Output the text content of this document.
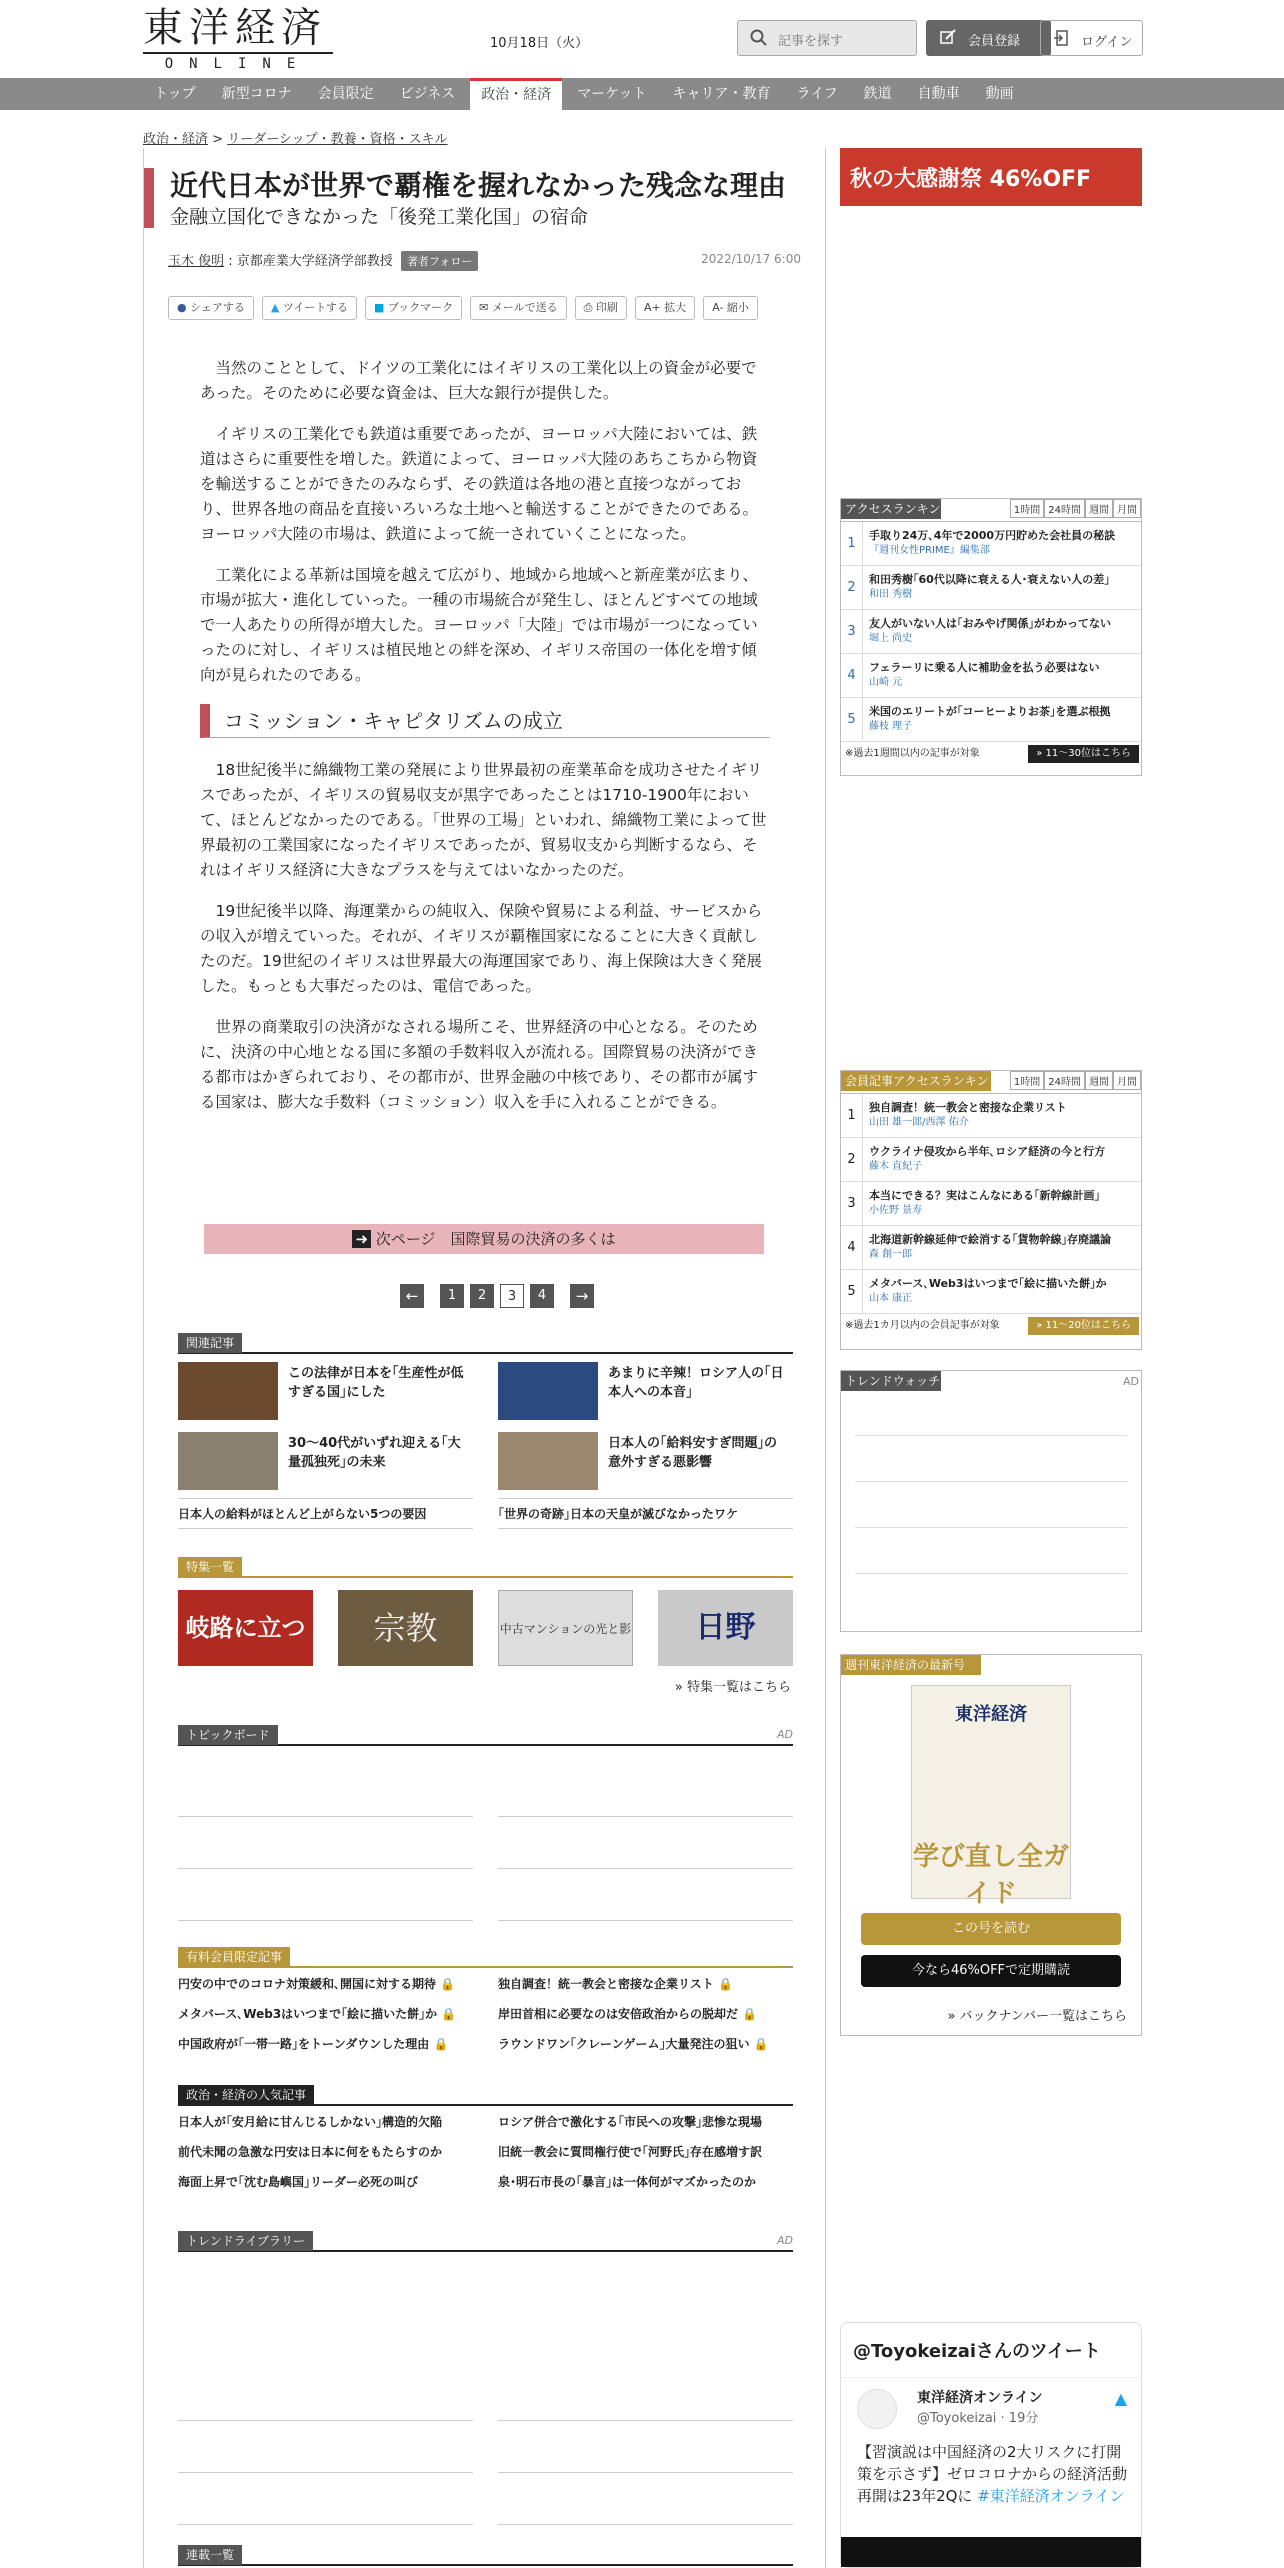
東洋経済
ONLINE
10月18日（火）	記事を探す	会員登録	ログイン
トップ	新型コロナ	会員限定	ビジネス	政治・経済	マーケット	キャリア・教育	ライフ	鉄道	自動車	動画
政治・経済 > リーダーシップ・教養・資格・スキル
近代日本が世界で覇権を握れなかった残念な理由
金融立国化できなかった「後発工業化国」の宿命
玉木 俊明 : 京都産業大学経済学部教授 著者フォロー	2022/10/17 6:00
● シェアする	▲ ツイートする	■ ブックマーク	✉ メールで送る	⎙ 印刷	A+ 拡大	A- 縮小

当然のこととして、ドイツの工業化にはイギリスの工業化以上の資金が必要であった。そのために必要な資金は、巨大な銀行が提供した。

イギリスの工業化でも鉄道は重要であったが、ヨーロッパ大陸においては、鉄道はさらに重要性を増した。鉄道によって、ヨーロッパ大陸のあちこちから物資を輸送することができたのみならず、その鉄道は各地の港と直接つながっており、世界各地の商品を直接いろいろな土地へと輸送することができたのである。ヨーロッパ大陸の市場は、鉄道によって統一されていくことになった。

工業化による革新は国境を越えて広がり、地域から地域へと新産業が広まり、市場が拡大・進化していった。一種の市場統合が発生し、ほとんどすべての地域で一人あたりの所得が増大した。ヨーロッパ「大陸」では市場が一つになっていったのに対し、イギリスは植民地との絆を深め、イギリス帝国の一体化を増す傾向が見られたのである。

コミッション・キャピタリズムの成立

18世紀後半に綿織物工業の発展により世界最初の産業革命を成功させたイギリスであったが、イギリスの貿易収支が黒字であったことは1710-1900年において、ほとんどなかったのである。「世界の工場」といわれ、綿織物工業によって世界最初の工業国家になったイギリスであったが、貿易収支から判断するなら、それはイギリス経済に大きなプラスを与えてはいなかったのだ。

19世紀後半以降、海運業からの純収入、保険や貿易による利益、サービスからの収入が増えていった。それが、イギリスが覇権国家になることに大きく貢献したのだ。19世紀のイギリスは世界最大の海運国家であり、海上保険は大きく発展した。もっとも大事だったのは、電信であった。

世界の商業取引の決済がなされる場所こそ、世界経済の中心となる。そのために、決済の中心地となる国に多額の手数料収入が流れる。国際貿易の決済ができる都市はかぎられており、その都市が、世界金融の中核であり、その都市が属する国家は、膨大な手数料（コミッション）収入を手に入れることができる。

➜ 次ページ　国際貿易の決済の多くは
←	1	2	3	4	→
関連記事
この法律が日本を｢生産性が低すぎる国｣にした
あまりに辛辣！ロシア人の｢日本人への本音｣
30～40代がいずれ迎える｢大量孤独死｣の未来
日本人の｢給料安すぎ問題｣の意外すぎる悪影響
日本人の給料がほとんど上がらない5つの要因	｢世界の奇跡｣日本の天皇が滅びなかったワケ
特集一覧
岐路に立つ鉄道
宗教	中古マンションの光と影	日野
» 特集一覧はこちら
トピックボード	AD
有料会員限定記事
円安の中でのコロナ対策緩和､開国に対する期待 🔒	独自調査！統一教会と密接な企業リスト 🔒
メタバース､Web3はいつまで｢絵に描いた餅｣か 🔒	岸田首相に必要なのは安倍政治からの脱却だ 🔒
中国政府が｢一帯一路｣をトーンダウンした理由 🔒	ラウンドワン｢クレーンゲーム｣大量発注の狙い 🔒
政治・経済の人気記事
日本人が｢安月給に甘んじるしかない｣構造的欠陥	ロシア併合で激化する｢市民への攻撃｣悲惨な現場
前代未聞の急激な円安は日本に何をもたらすのか	旧統一教会に質問権行使で｢河野氏｣存在感増す訳
海面上昇で｢沈む島嶼国｣リーダー必死の叫び	泉･明石市長の｢暴言｣は一体何がマズかったのか
トレンドライブラリー	AD
連載一覧
秋の大感謝祭 46%OFF
アクセスランキング
1時間 24時間 週間 月間
1
手取り24万､4年で2000万円貯めた会社員の秘訣
『週刊女性PRIME』編集部
2
和田秀樹｢60代以降に衰える人･衰えない人の差｣
和田 秀樹
3
友人がいない人は｢おみやげ関係｣がわかってない
堀上 尚史
4
フェラーリに乗る人に補助金を払う必要はない
山崎 元
5
米国のエリートが｢コーヒーよりお茶｣を選ぶ根拠
藤枝 理子
※過去1週間以内の記事が対象	» 11～30位はこちら
会員記事アクセスランキング
1時間 24時間 週間 月間
1
独自調査！統一教会と密接な企業リスト
山田 雄一郎/西澤 佑介
2
ウクライナ侵攻から半年､ロシア経済の今と行方
藤木 直紀子
3
本当にできる？実はこんなにある｢新幹線計画｣
小佐野 景寿
4
北海道新幹線延伸で絵消する｢貨物幹線｣存廃議論
森 創一郎
5
メタバース､Web3はいつまで｢絵に描いた餅｣か
山本 康正
※過去1カ月以内の会員記事が対象	» 11～20位はこちら
トレンドウォッチ	AD
週刊東洋経済の最新号
東洋経済
学び直し全ガイド
この号を読む
今なら46%OFFで定期購読
» バックナンバー一覧はこちら
@Toyokeizaiさんのツイート
東洋経済オンライン
@Toyokeizai · 19分
▲
【習演説は中国経済の2大リスクに打開策を示さず】ゼロコロナからの経済活動再開は23年2Qに #東洋経済オンライン
